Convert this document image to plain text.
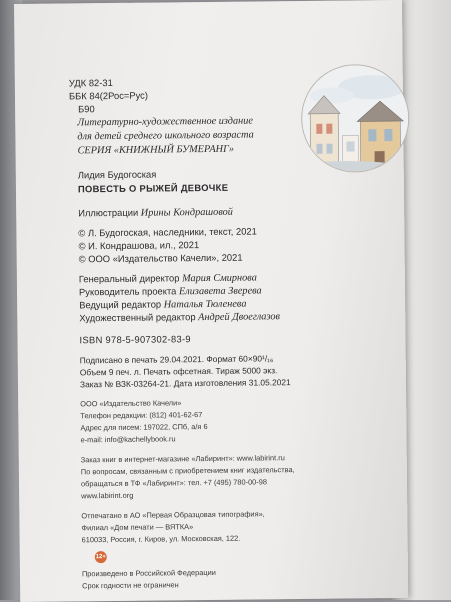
УДК 82-31
ББК 84(2Рос=Рус)
Б90
Литературно-художественное издание
для детей среднего школьного возраста
СЕРИЯ «КНИЖНЫЙ БУМЕРАНГ»
Лидия Будогоская
ПОВЕСТЬ О РЫЖЕЙ ДЕВОЧКЕ
Иллюстрации Ирины Кондрашовой
© Л. Будогоская, наследники, текст, 2021
© И. Кондрашова, ил., 2021
© ООО «Издательство Качели», 2021
Генеральный директор Мария Смирнова
Руководитель проекта Елизавета Зверева
Ведущий редактор Наталья Тюленева
Художественный редактор Андрей Двоеглазов
ISBN 978-5-907302-83-9
Подписано в печать 29.04.2021. Формат 60×90¹/₁₆
Объем 9 печ. л. Печать офсетная. Тираж 5000 экз.
Заказ № ВЗК-03264-21. Дата изготовления 31.05.2021
ООО «Издательство Качели»
Телефон редакции: (812) 401-62-67
Адрес для писем: 197022, СПб, а/я 6
e-mail: info@kachellybook.ru
Заказ книг в интернет-магазине «Лабиринт»: www.labirint.ru
По вопросам, связанным с приобретением книг издательства,
обращаться в ТФ «Лабиринт»: тел. +7 (495) 780-00-98
www.labirint.org
Отпечатано в АО «Первая Образцовая типография»,
Филиал «Дом печати — ВЯТКА»
610033, Россия, г. Киров, ул. Московская, 122.
12+
Произведено в Российской Федерации
Срок годности не ограничен
